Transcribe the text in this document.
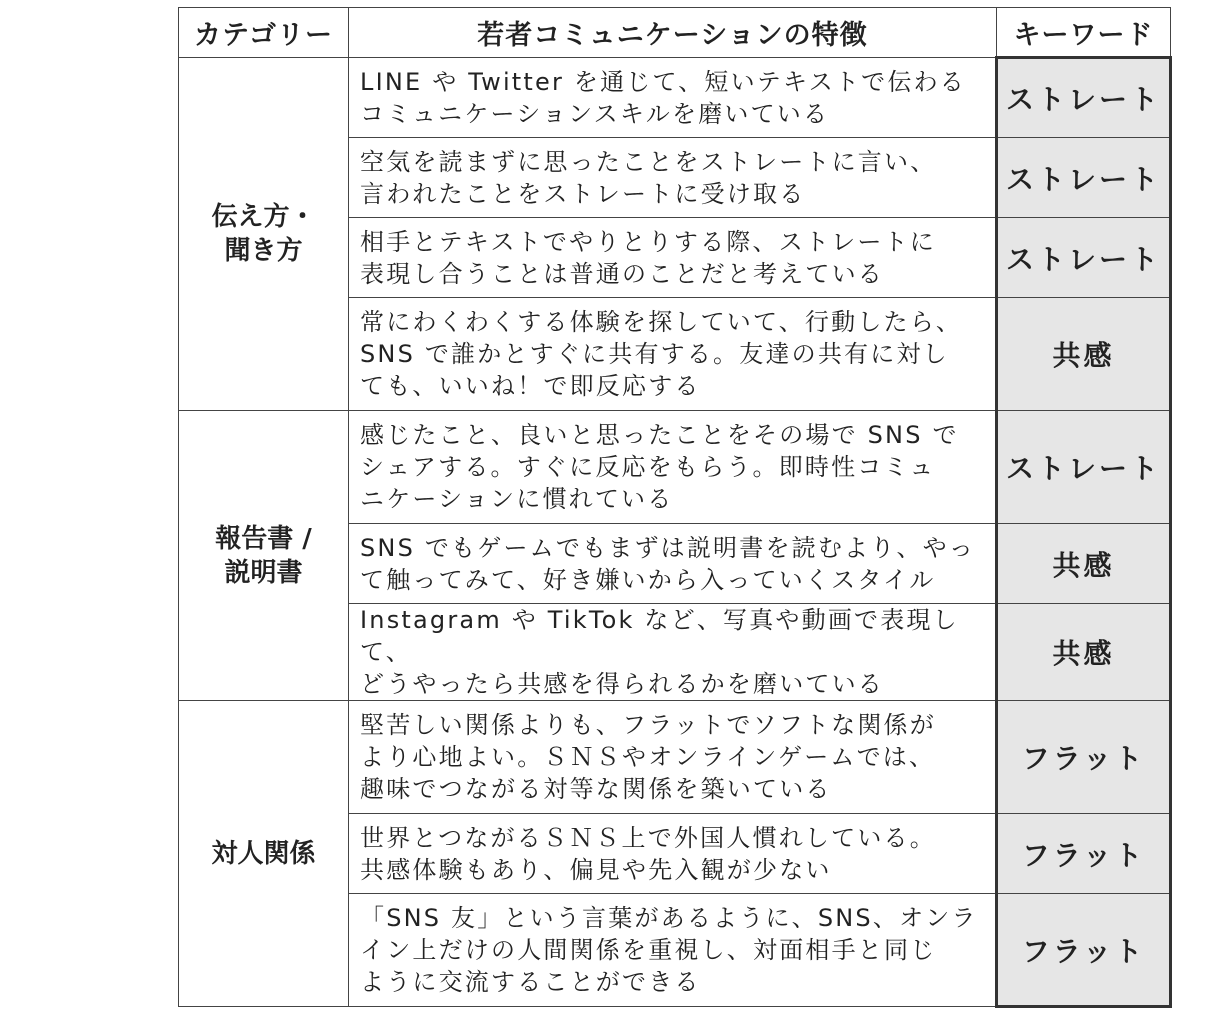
カテゴリー	若者コミュニケーションの特徴	キーワード
伝え方・
聞き方	LINE や Twitter を通じて、短いテキストで伝わる
コミュニケーションスキルを磨いている	ストレート
	空気を読まずに思ったことをストレートに言い、
言われたことをストレートに受け取る	ストレート
	相手とテキストでやりとりする際、ストレートに
表現し合うことは普通のことだと考えている	ストレート
	常にわくわくする体験を探していて、行動したら、
SNS で誰かとすぐに共有する。友達の共有に対し
ても、いいね！で即反応する	共感
報告書 /
説明書	感じたこと、良いと思ったことをその場で SNS で
シェアする。すぐに反応をもらう。即時性コミュ
ニケーションに慣れている	ストレート
	SNS でもゲームでもまずは説明書を読むより、やっ
て触ってみて、好き嫌いから入っていくスタイル	共感
	Instagram や TikTok など、写真や動画で表現して、
どうやったら共感を得られるかを磨いている	共感
対人関係	堅苦しい関係よりも、フラットでソフトな関係が
より心地よい。ＳＮＳやオンラインゲームでは、
趣味でつながる対等な関係を築いている	フラット
	世界とつながるＳＮＳ上で外国人慣れしている。
共感体験もあり、偏見や先入観が少ない	フラット
	「SNS 友」という言葉があるように、SNS、オンラ
イン上だけの人間関係を重視し、対面相手と同じ
ように交流することができる	フラット
